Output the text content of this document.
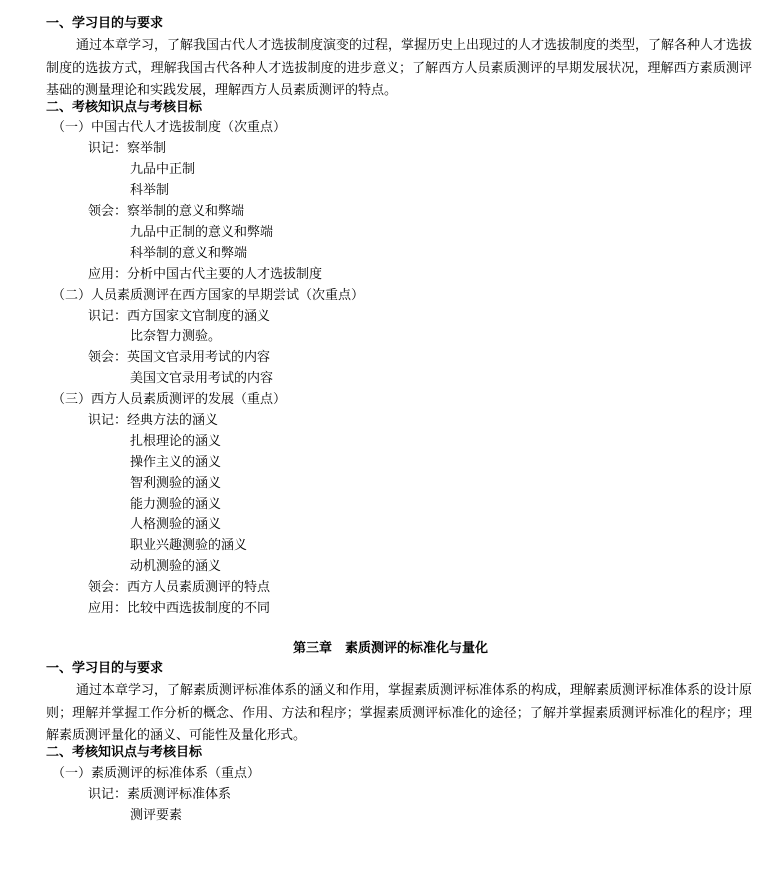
一、学习目的与要求
通过本章学习，了解我国古代人才选拔制度演变的过程，掌握历史上出现过的人才选拔制度的类型，了解各种人才选拔制度的选拔方式，理解我国古代各种人才选拔制度的进步意义；了解西方人员素质测评的早期发展状况，理解西方素质测评基础的测量理论和实践发展，理解西方人员素质测评的特点。
二、考核知识点与考核目标
（一）中国古代人才选拔制度（次重点）
识记：察举制
九品中正制
科举制
领会：察举制的意义和弊端
九品中正制的意义和弊端
科举制的意义和弊端
应用：分析中国古代主要的人才选拔制度
（二）人员素质测评在西方国家的早期尝试（次重点）
识记：西方国家文官制度的涵义
比奈智力测验。
领会：英国文官录用考试的内容
美国文官录用考试的内容
（三）西方人员素质测评的发展（重点）
识记：经典方法的涵义
扎根理论的涵义
操作主义的涵义
智利测验的涵义
能力测验的涵义
人格测验的涵义
职业兴趣测验的涵义
动机测验的涵义
领会：西方人员素质测评的特点
应用：比较中西选拔制度的不同
第三章　素质测评的标准化与量化
一、学习目的与要求
通过本章学习，了解素质测评标准体系的涵义和作用，掌握素质测评标准体系的构成，理解素质测评标准体系的设计原则；理解并掌握工作分析的概念、作用、方法和程序；掌握素质测评标准化的途径；了解并掌握素质测评标准化的程序；理解素质测评量化的涵义、可能性及量化形式。
二、考核知识点与考核目标
（一）素质测评的标准体系（重点）
识记：素质测评标准体系
测评要素
